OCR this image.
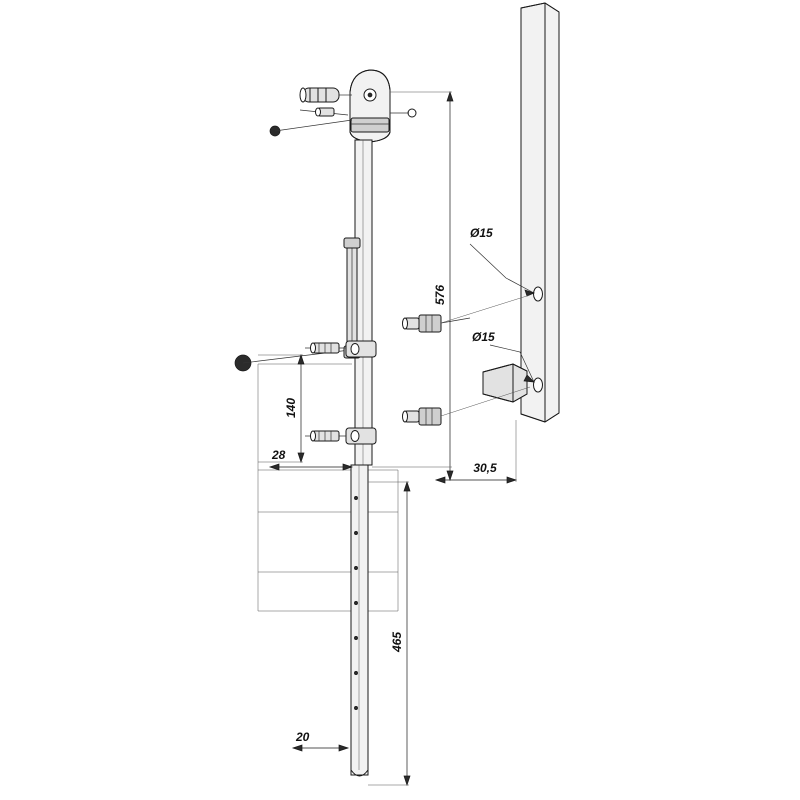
576
140
28
30,5
465
20
Ø15
Ø15
